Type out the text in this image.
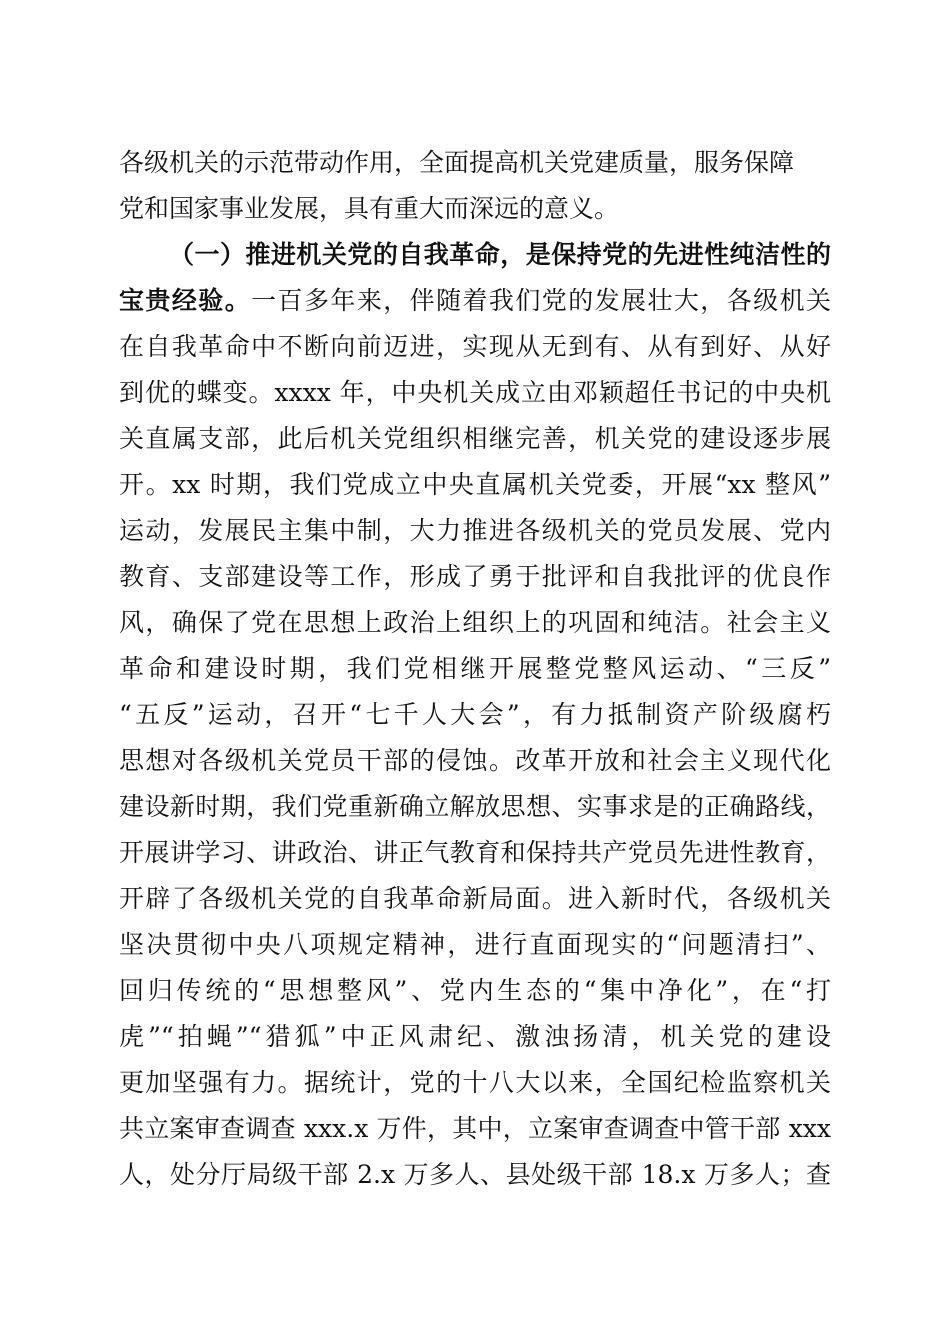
各级机关的示范带动作用，全面提高机关党建质量，服务保障
党和国家事业发展，具有重大而深远的意义。
（一）推进机关党的自我革命，是保持党的先进性纯洁性的
宝贵经验。一百多年来，伴随着我们党的发展壮大，各级机关
在自我革命中不断向前迈进，实现从无到有、从有到好、从好
到优的蝶变。xxxx 年，中央机关成立由邓颖超任书记的中央机
关直属支部，此后机关党组织相继完善，机关党的建设逐步展
开。xx 时期，我们党成立中央直属机关党委，开展“xx 整风”
运动，发展民主集中制，大力推进各级机关的党员发展、党内
教育、支部建设等工作，形成了勇于批评和自我批评的优良作
风，确保了党在思想上政治上组织上的巩固和纯洁。社会主义
革命和建设时期，我们党相继开展整党整风运动、“三反”
“五反”运动，召开“七千人大会”，有力抵制资产阶级腐朽
思想对各级机关党员干部的侵蚀。改革开放和社会主义现代化
建设新时期，我们党重新确立解放思想、实事求是的正确路线，
开展讲学习、讲政治、讲正气教育和保持共产党员先进性教育，
开辟了各级机关党的自我革命新局面。进入新时代，各级机关
坚决贯彻中央八项规定精神，进行直面现实的“问题清扫”、
回归传统的“思想整风”、党内生态的“集中净化”，在“打
虎”“拍蝇”“猎狐”中正风肃纪、激浊扬清，机关党的建设
更加坚强有力。据统计，党的十八大以来，全国纪检监察机关
共立案审查调查 xxx.x 万件，其中，立案审查调查中管干部 xxx
人，处分厅局级干部 2.x 万多人、县处级干部 18.x 万多人；查
